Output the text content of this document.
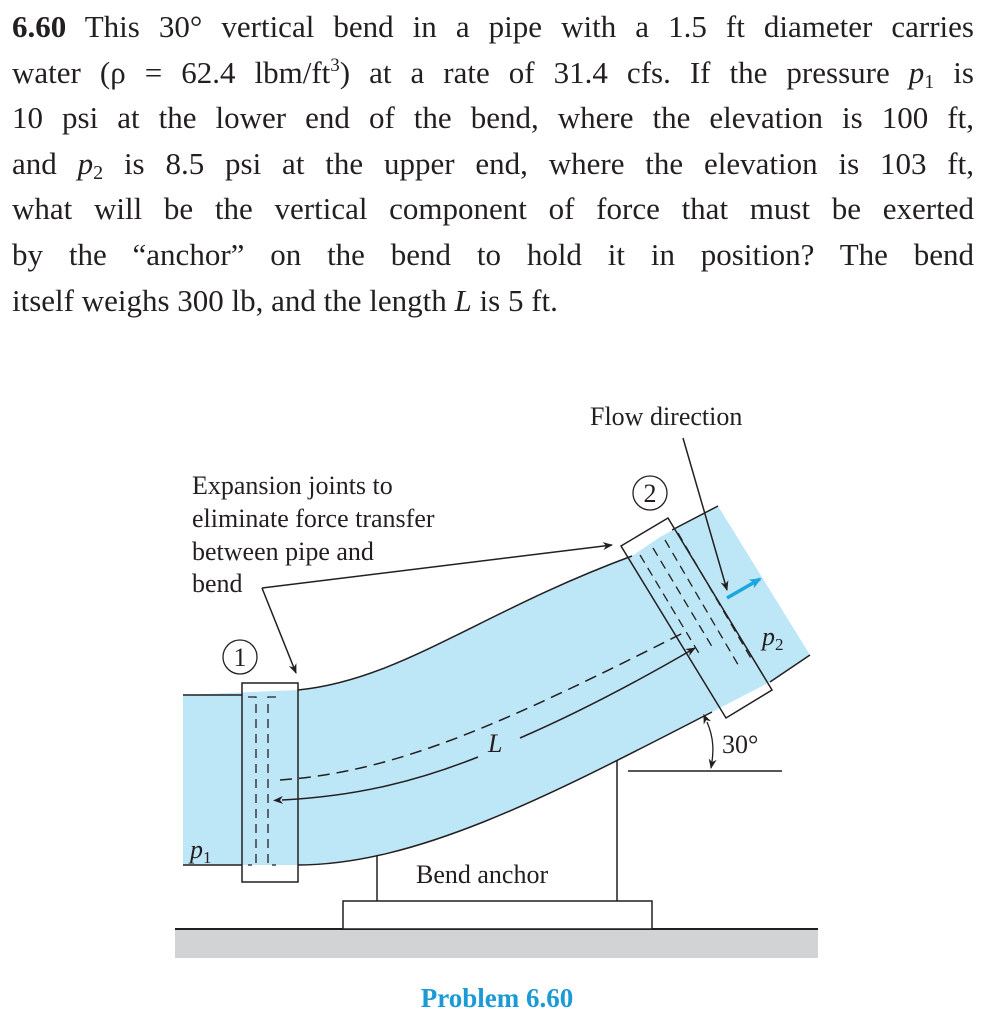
6.60 This 30° vertical bend in a pipe with a 1.5 ft diameter carries
water (ρ = 62.4 lbm/$ft^3$) at a rate of 31.4 cfs. If the pressure $p_1$ is
10 psi at the lower end of the bend, where the elevation is 100 ft,
and $p_2$ is 8.5 psi at the upper end, where the elevation is 103 ft,
what will be the vertical component of force that must be exerted
by the “anchor” on the bend to hold it in position? The bend
itself weighs 300 lb, and the length L is 5 ft.
L	30°
Flow direction
Expansion joints to eliminate force transfer between pipe and bend
1
2
p1
p2
Bend anchor
Problem 6.60
